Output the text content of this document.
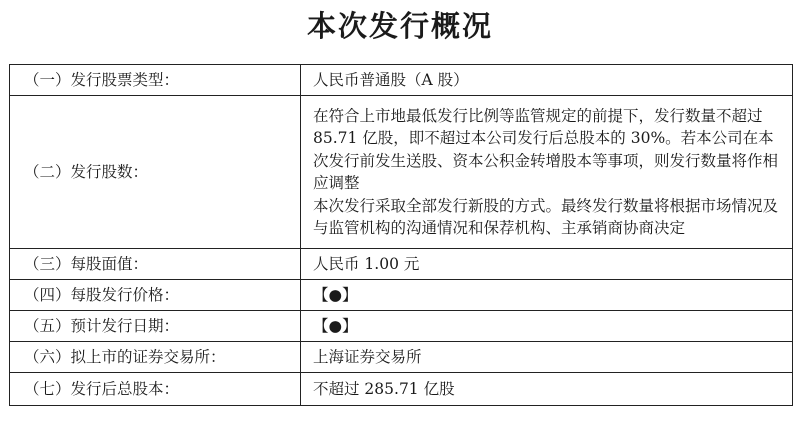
本次发行概况
（一）发行股票类型：	人民币普通股（A 股）
（二）发行股数：	在符合上市地最低发行比例等监管规定的前提下，发行数量不超过 85.71 亿股，即不超过本公司发行后总股本的 30%。若本公司在本次发行前发生送股、资本公积金转增股本等事项，则发行数量将作相应调整
本次发行采取全部发行新股的方式。最终发行数量将根据市场情况及与监管机构的沟通情况和保荐机构、主承销商协商决定

（三）每股面值：	人民币 1.00 元
（四）每股发行价格：	【●】
（五）预计发行日期：	【●】
（六）拟上市的证券交易所：	上海证券交易所
（七）发行后总股本：	不超过 285.71 亿股
